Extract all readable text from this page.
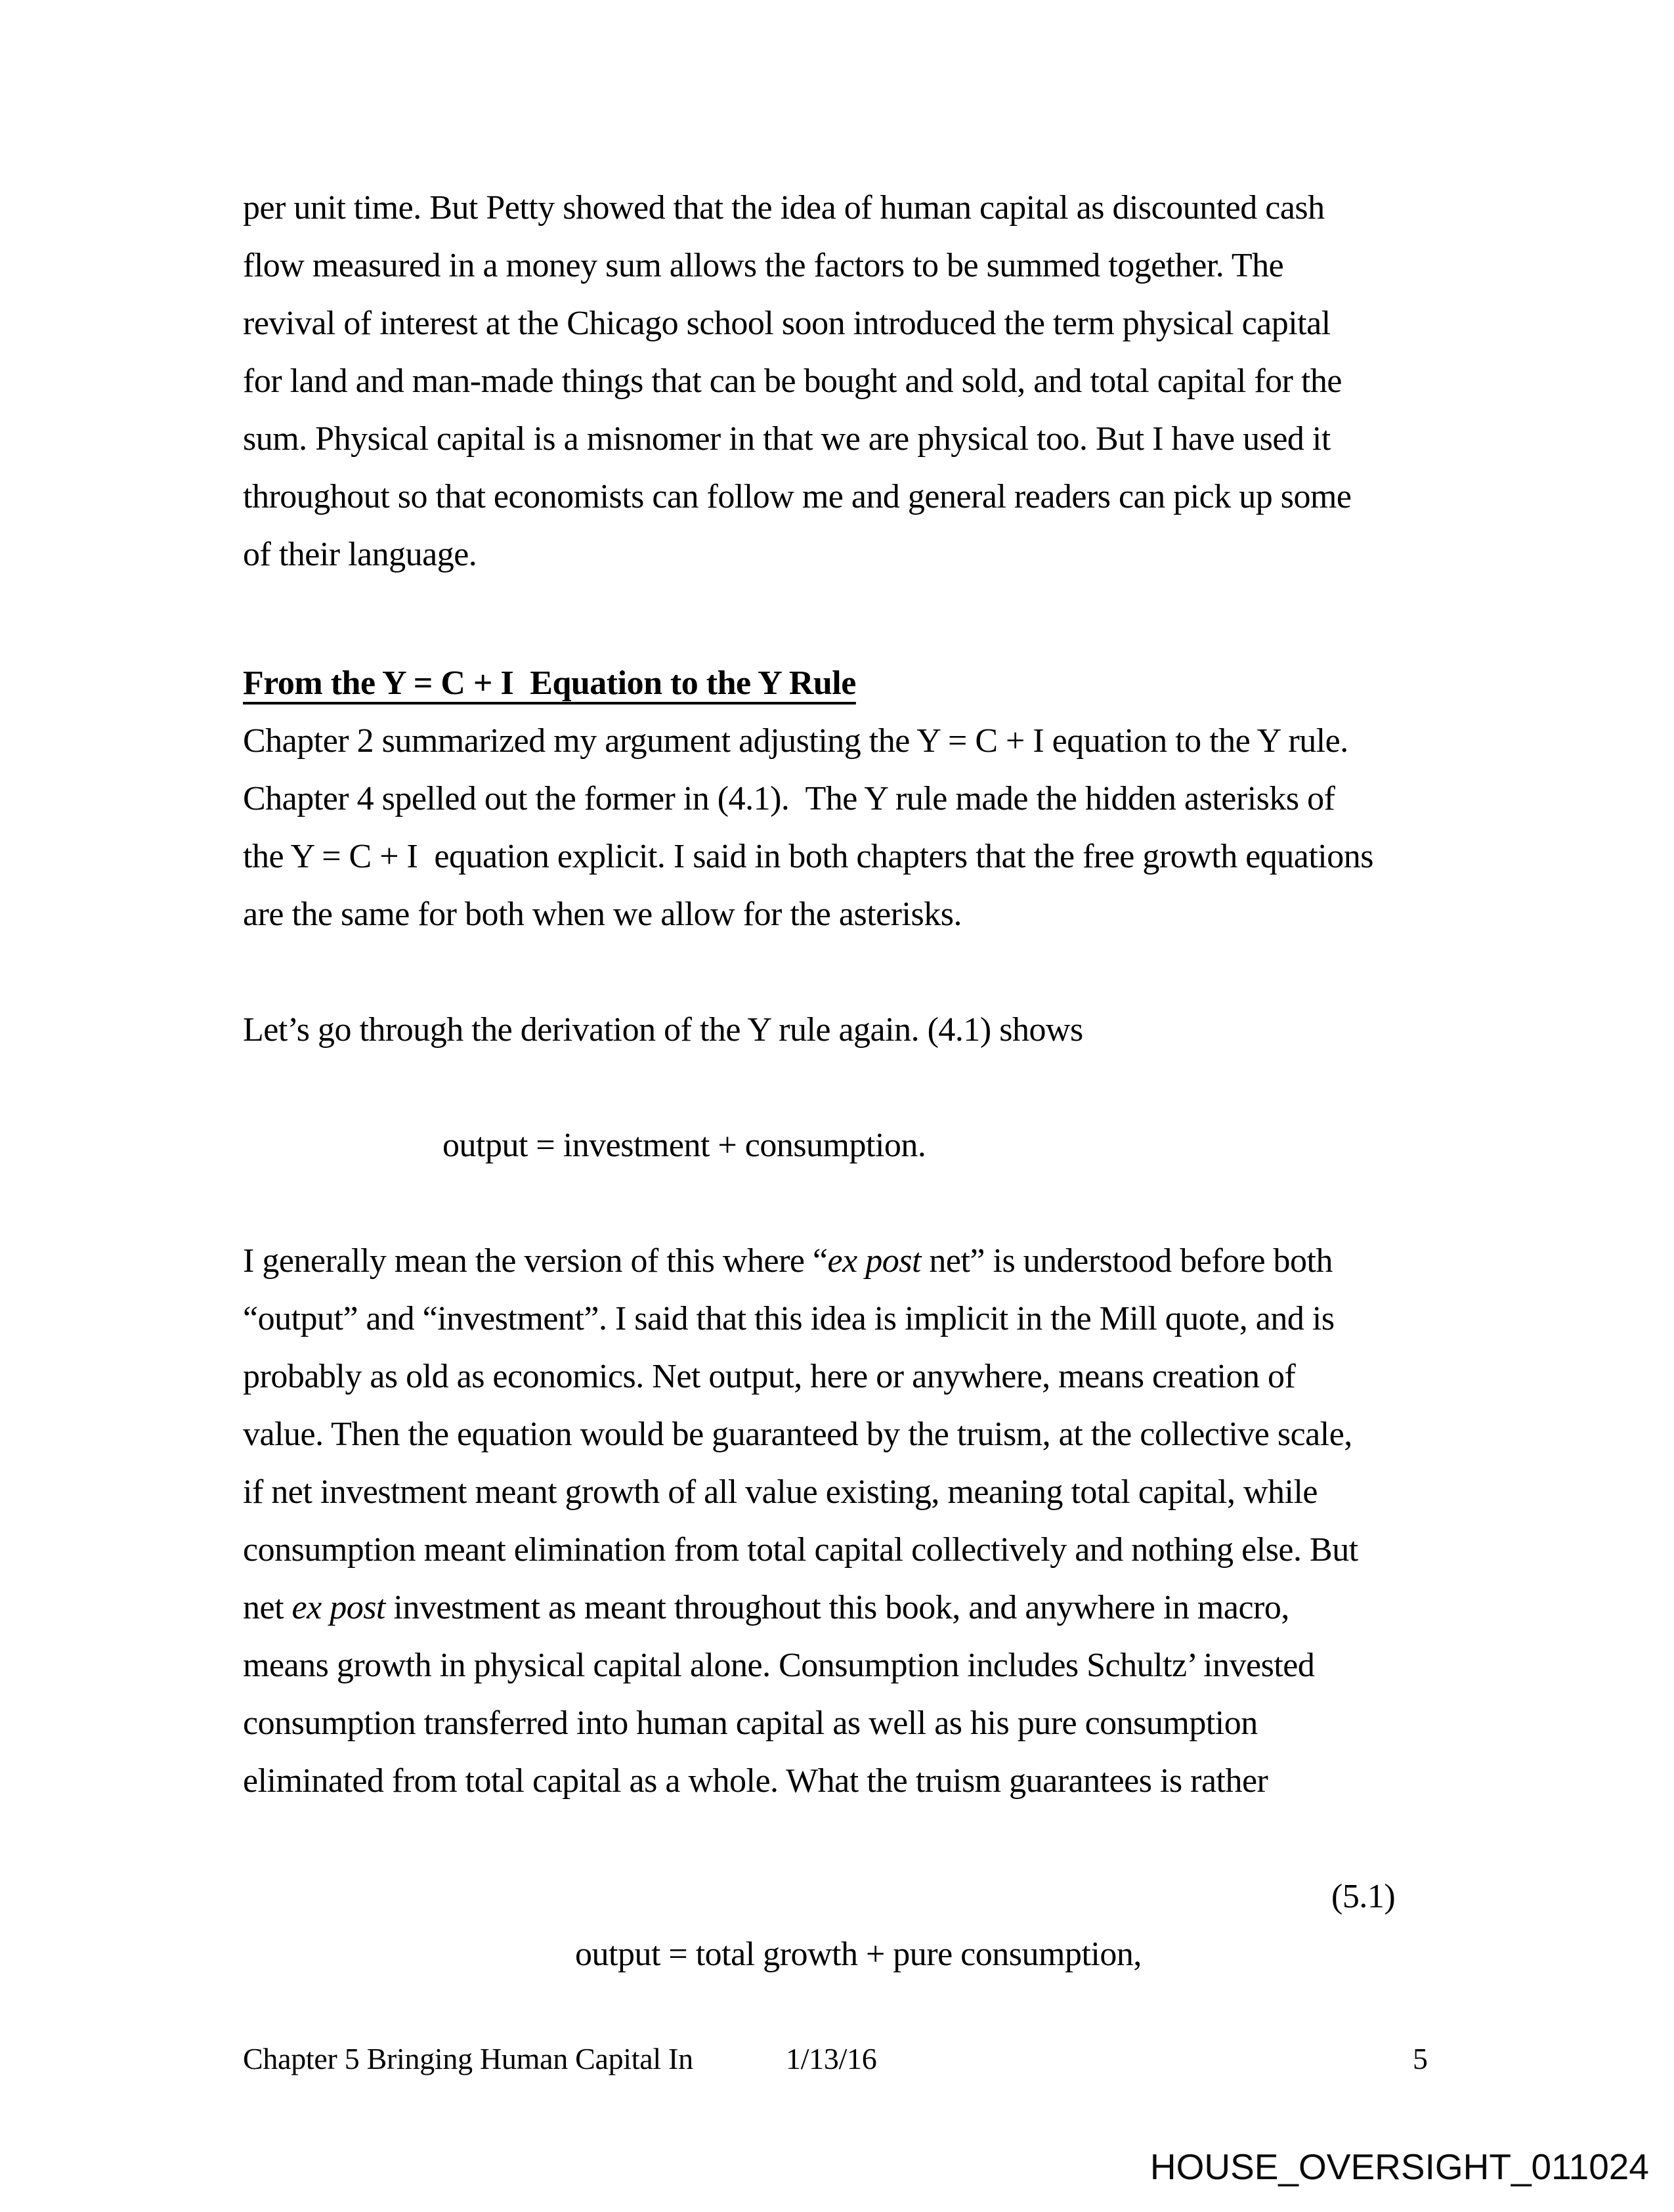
per unit time. But Petty showed that the idea of human capital as discounted cash
flow measured in a money sum allows the factors to be summed together. The
revival of interest at the Chicago school soon introduced the term physical capital
for land and man-made things that can be bought and sold, and total capital for the
sum. Physical capital is a misnomer in that we are physical too. But I have used it
throughout so that economists can follow me and general readers can pick up some
of their language.
From the Y = C + I  Equation to the Y Rule
Chapter 2 summarized my argument adjusting the Y = C + I equation to the Y rule.
Chapter 4 spelled out the former in (4.1).  The Y rule made the hidden asterisks of
the Y = C + I  equation explicit. I said in both chapters that the free growth equations
are the same for both when we allow for the asterisks.
Let’s go through the derivation of the Y rule again. (4.1) shows
output = investment + consumption.
I generally mean the version of this where “ex post net” is understood before both
“output” and “investment”. I said that this idea is implicit in the Mill quote, and is
probably as old as economics. Net output, here or anywhere, means creation of
value. Then the equation would be guaranteed by the truism, at the collective scale,
if net investment meant growth of all value existing, meaning total capital, while
consumption meant elimination from total capital collectively and nothing else. But
net ex post investment as meant throughout this book, and anywhere in macro,
means growth in physical capital alone. Consumption includes Schultz’ invested
consumption transferred into human capital as well as his pure consumption
eliminated from total capital as a whole. What the truism guarantees is rather

output = total growth + pure consumption,

(5.1)

Chapter 5 Bringing Human Capital In	1/13/16	5
HOUSE_OVERSIGHT_011024
